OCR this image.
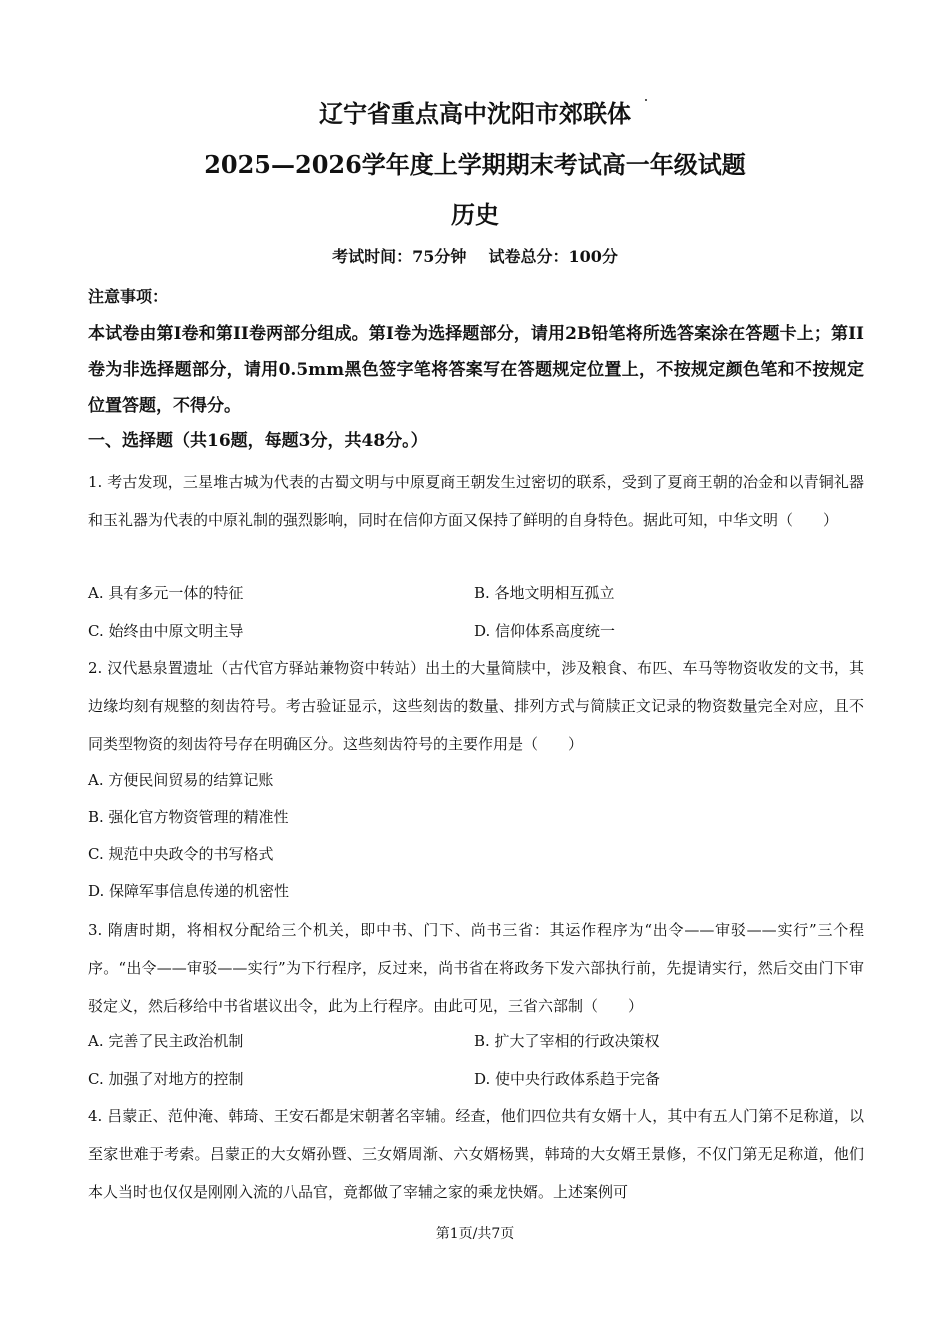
辽宁省重点高中沈阳市郊联体
2025—2026学年度上学期期末考试高一年级试题
历史
考试时间：75分钟 试卷总分：100分
注意事项：
本试卷由第I卷和第II卷两部分组成。第I卷为选择题部分，请用2B铅笔将所选答案涂在答题卡上；第II卷为非选择题部分，请用0.5mm黑色签字笔将答案写在答题规定位置上，不按规定颜色笔和不按规定位置答题，不得分。
一、选择题（共16题，每题3分，共48分。）
1. 考古发现，三星堆古城为代表的古蜀文明与中原夏商王朝发生过密切的联系，受到了夏商王朝的冶金和以青铜礼器和玉礼器为代表的中原礼制的强烈影响，同时在信仰方面又保持了鲜明的自身特色。据此可知，中华文明（　　）
A. 具有多元一体的特征	B. 各地文明相互孤立
C. 始终由中原文明主导	D. 信仰体系高度统一
2. 汉代悬泉置遗址（古代官方驿站兼物资中转站）出土的大量简牍中，涉及粮食、布匹、车马等物资收发的文书，其边缘均刻有规整的刻齿符号。考古验证显示，这些刻齿的数量、排列方式与简牍正文记录的物资数量完全对应，且不同类型物资的刻齿符号存在明确区分。这些刻齿符号的主要作用是（　　）
A. 方便民间贸易的结算记账
B. 强化官方物资管理的精准性
C. 规范中央政令的书写格式
D. 保障军事信息传递的机密性
3. 隋唐时期，将相权分配给三个机关，即中书、门下、尚书三省：其运作程序为“出令——审驳——实行”三个程序。“出令——审驳——实行”为下行程序，反过来，尚书省在将政务下发六部执行前，先提请实行，然后交由门下审驳定义，然后移给中书省堪议出令，此为上行程序。由此可见，三省六部制（　　）
A. 完善了民主政治机制	B. 扩大了宰相的行政决策权
C. 加强了对地方的控制	D. 使中央行政体系趋于完备
4. 吕蒙正、范仲淹、韩琦、王安石都是宋朝著名宰辅。经查，他们四位共有女婿十人，其中有五人门第不足称道，以至家世难于考索。吕蒙正的大女婿孙暨、三女婿周渐、六女婿杨巽，韩琦的大女婿王景修，不仅门第无足称道，他们本人当时也仅仅是刚刚入流的八品官，竟都做了宰辅之家的乘龙快婿。上述案例可
第1页/共7页
